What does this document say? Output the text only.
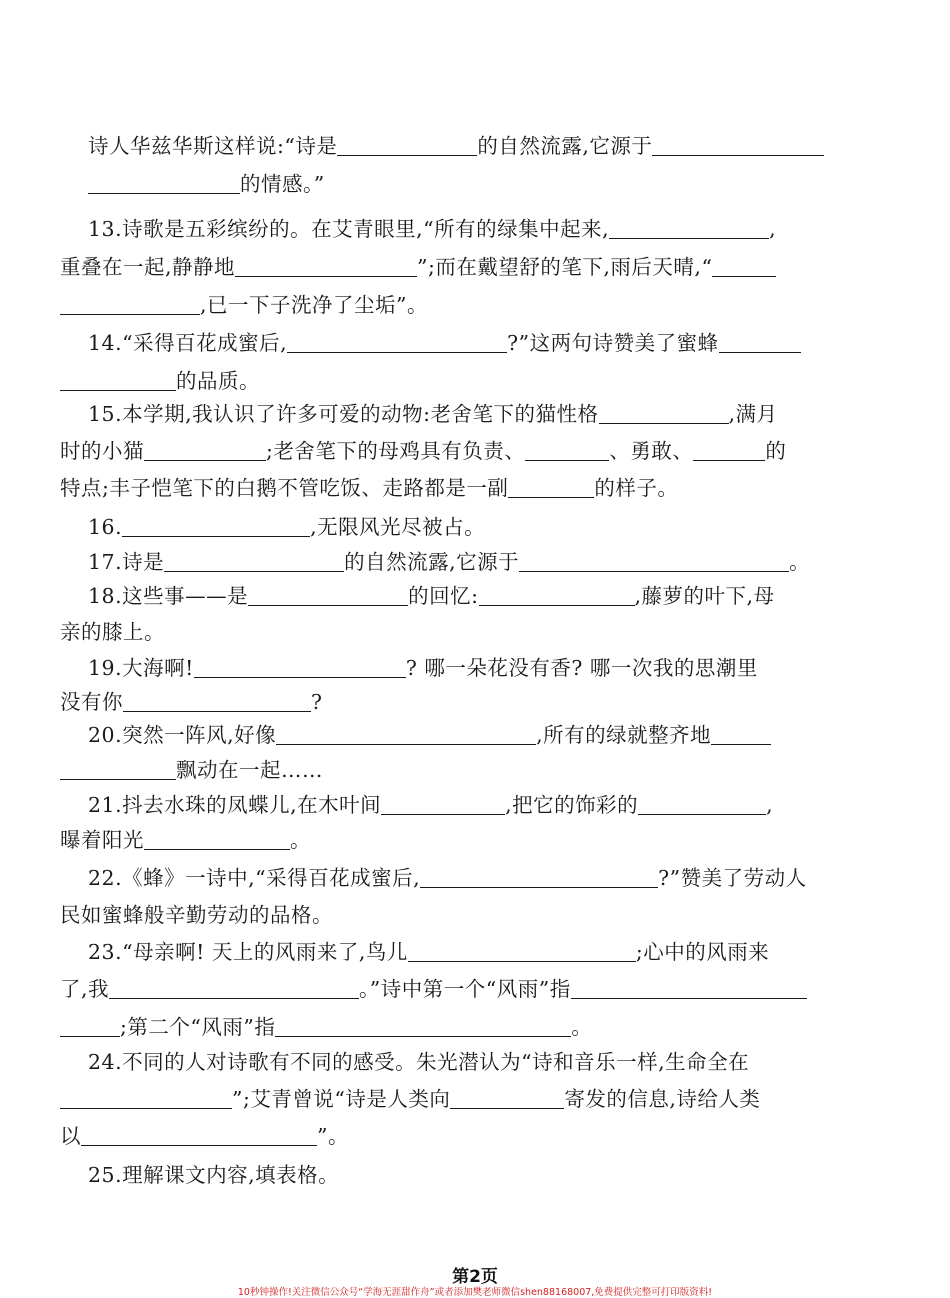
诗人华兹华斯这样说:“诗是	的自然流露,它源于
的情感。”
13.诗歌是五彩缤纷的。在艾青眼里,“所有的绿集中起来,	,
重叠在一起,静静地	”;而在戴望舒的笔下,雨后天晴,“
,已一下子洗净了尘垢”。
14.“采得百花成蜜后,	?”这两句诗赞美了蜜蜂
的品质。
15.本学期,我认识了许多可爱的动物:老舍笔下的猫性格	,满月
时的小猫	;老舍笔下的母鸡具有负责、	、勇敢、	的
特点;丰子恺笔下的白鹅不管吃饭、走路都是一副	的样子。
16.	,无限风光尽被占。
17.诗是	的自然流露,它源于	。
18.这些事——是	的回忆:	,藤萝的叶下,母
亲的膝上。
19.大海啊!	? 哪一朵花没有香? 哪一次我的思潮里
没有你	?
20.突然一阵风,好像	,所有的绿就整齐地
飘动在一起……
21.抖去水珠的凤蝶儿,在木叶间	,把它的饰彩的	,
曝着阳光	。
22.《蜂》一诗中,“采得百花成蜜后,	?”赞美了劳动人
民如蜜蜂般辛勤劳动的品格。
23.“母亲啊! 天上的风雨来了,鸟儿	;心中的风雨来
了,我	。”诗中第一个“风雨”指
;第二个“风雨”指	。
24.不同的人对诗歌有不同的感受。朱光潜认为“诗和音乐一样,生命全在
”;艾青曾说“诗是人类向	寄发的信息,诗给人类
以	”。
25.理解课文内容,填表格。
第2页
10秒钟操作!关注微信公众号“学海无涯甜作舟”或者添加樊老师微信shen88168007,免费提供完整可打印版资料!
